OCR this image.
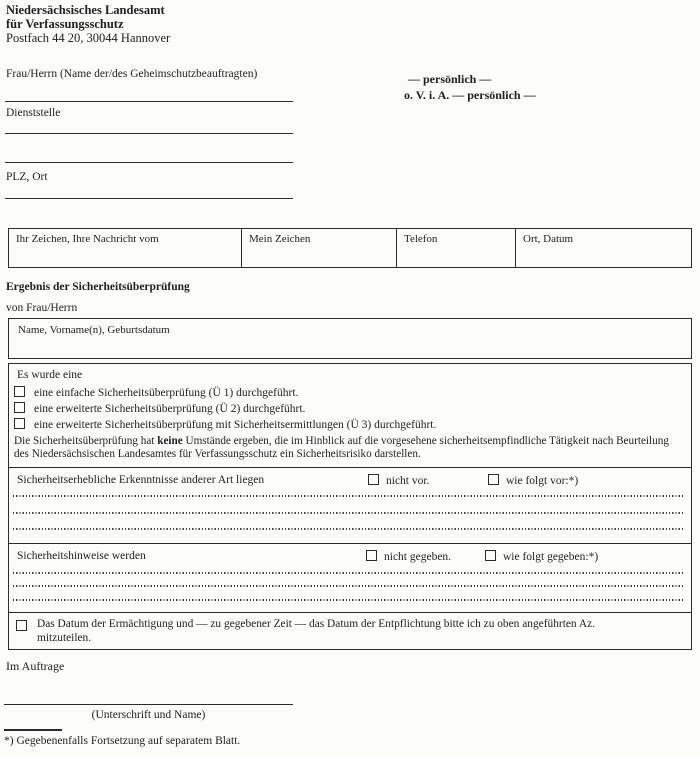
Niedersächsisches Landesamt
für Verfassungsschutz
Postfach 44 20, 30044 Hannover
Frau/Herrn (Name der/des Geheimschutzbeauftragten)
Dienststelle
PLZ, Ort
— persönlich —
o. V. i. A. — persönlich —
Ihr Zeichen, Ihre Nachricht vom	Mein Zeichen	Telefon	Ort, Datum
Ergebnis der Sicherheitsüberprüfung
von Frau/Herrn
Name, Vorname(n), Geburtsdatum
Es wurde eine
eine einfache Sicherheitsüberprüfung (Ü 1) durchgeführt.
eine erweiterte Sicherheitsüberprüfung (Ü 2) durchgeführt.
eine erweiterte Sicherheitsüberprüfung mit Sicherheitsermittlungen (Ü 3) durchgeführt.

Die Sicherheitsüberprüfung hat keine Umstände ergeben, die im Hinblick auf die vorgesehene sicherheitsempfindliche Tätigkeit nach Beurteilung des Niedersächsischen Landesamtes für Verfassungsschutz ein Sicherheitsrisiko darstellen.

Sicherheitserhebliche Erkenntnisse anderer Art liegen	nicht vor.	wie folgt vor:*)
Sicherheitshinweise werden	nicht gegeben.	wie folgt gegeben:*)
Das Datum der Ermächtigung und — zu gegebener Zeit — das Datum der Entpflichtung bitte ich zu oben angeführten Az.
mitzuteilen.
Im Auftrage
(Unterschrift und Name)
*) Gegebenenfalls Fortsetzung auf separatem Blatt.
